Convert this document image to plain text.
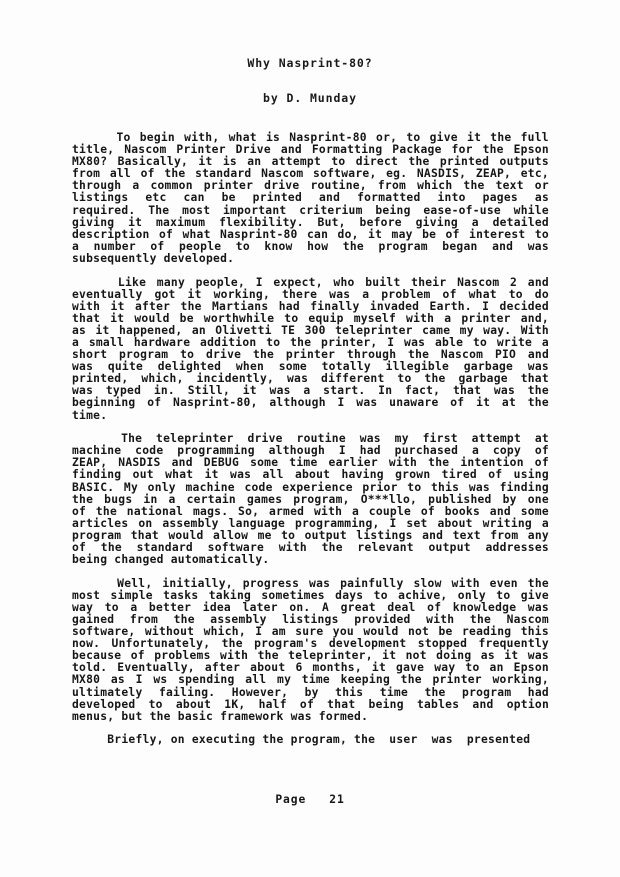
Why Nasprint-80?
by D. Munday

To begin with, what is Nasprint-80 or, to give it the full
title, Nascom Printer Drive and Formatting Package for the Epson
MX80? Basically, it is an attempt to direct the printed outputs
from all of the standard Nascom software, eg. NASDIS, ZEAP, etc,
through a common printer drive routine, from which the text or
listings etc can be printed and formatted into pages as
required. The most important criterium being ease-of-use while
giving it maximum flexibility. But, before giving a detailed
description of what Nasprint-80 can do, it may be of interest to
a number of people to know how the program began and was
subsequently developed.

Like many people, I expect, who built their Nascom 2 and
eventually got it working, there was a problem of what to do
with it after the Martians had finally invaded Earth. I decided
that it would be worthwhile to equip myself with a printer and,
as it happened, an Olivetti TE 300 teleprinter came my way. With
a small hardware addition to the printer, I was able to write a
short program to drive the printer through the Nascom PIO and
was quite delighted when some totally illegible garbage was
printed, which, incidently, was different to the garbage that
was typed in. Still, it was a start. In fact, that was the
beginning of Nasprint-80, although I was unaware of it at the
time.

The teleprinter drive routine was my first attempt at
machine code programming although I had purchased a copy of
ZEAP, NASDIS and DEBUG some time earlier with the intention of
finding out what it was all about having grown tired of using
BASIC. My only machine code experience prior to this was finding
the bugs in a certain games program, O***llo, published by one
of the national mags. So, armed with a couple of books and some
articles on assembly language programming, I set about writing a
program that would allow me to output listings and text from any
of the standard software with the relevant output addresses
being changed automatically.

Well, initially, progress was painfully slow with even the
most simple tasks taking sometimes days to achive, only to give
way to a better idea later on. A great deal of knowledge was
gained from the assembly listings provided with the Nascom
software, without which, I am sure you would not be reading this
now. Unfortunately, the program's development stopped frequently
because of problems with the teleprinter, it not doing as it was
told. Eventually, after about 6 months, it gave way to an Epson
MX80 as I ws spending all my time keeping the printer working,
ultimately failing. However, by this time the program had
developed to about 1K, half of that being tables and option
menus, but the basic framework was formed.
Briefly, on executing the program, the  user  was  presented
Page   21
